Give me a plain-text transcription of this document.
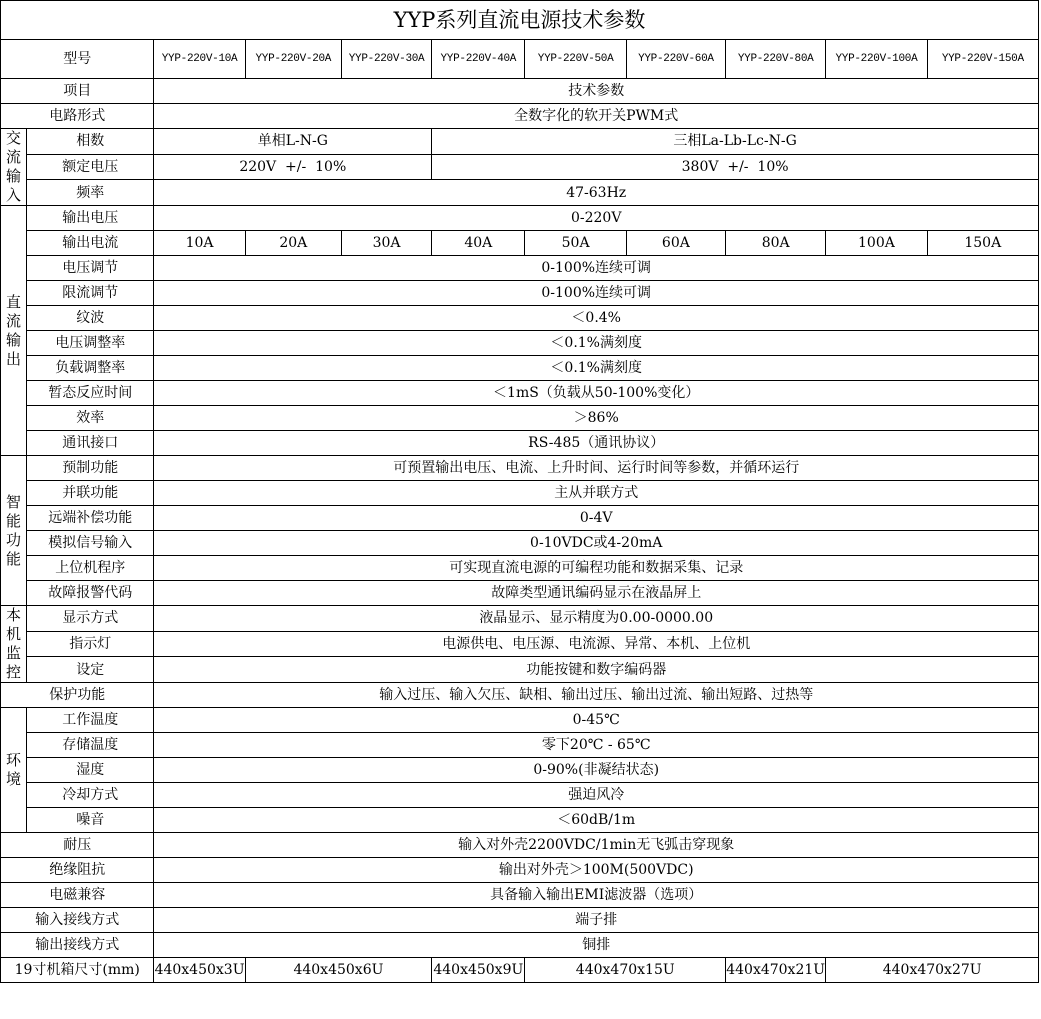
YYP系列直流电源技术参数										
型号		YYP-220V-10A	YYP-220V-20A	YYP-220V-30A	YYP-220V-40A	YYP-220V-50A	YYP-220V-60A	YYP-220V-80A	YYP-220V-100A	YYP-220V-150A
项目		技术参数								
电路形式		全数字化的软开关PWM式								

交流输入	相数	单相L-N-G			三相La-Lb-Lc-N-G					
	额定电压	220V  +/-  10%			380V  +/-  10%					
	频率	47-63Hz								

直流输出	输出电压	0-220V								
	输出电流	10A	20A	30A	40A	50A	60A	80A	100A	150A
	电压调节	0-100%连续可调								
	限流调节	0-100%连续可调								
	纹波	＜0.4%								
	电压调整率	＜0.1%满刻度								
	负载调整率	＜0.1%满刻度								
	暂态反应时间	＜1mS（负载从50-100%变化）								
	效率	＞86%								
	通讯接口	RS-485（通讯协议）								

智能功能	预制功能	可预置输出电压、电流、上升时间、运行时间等参数，并循环运行								
	并联功能	主从并联方式								
	远端补偿功能	0-4V								
	模拟信号输入	0-10VDC或4-20mA								
	上位机程序	可实现直流电源的可编程功能和数据采集、记录								
	故障报警代码	故障类型通讯编码显示在液晶屏上								

本机监控	显示方式	液晶显示、显示精度为0.00-0000.00								
	指示灯	电源供电、电压源、电流源、异常、本机、上位机								
	设定	功能按键和数字编码器								
保护功能		输入过压、输入欠压、缺相、输出过压、输出过流、输出短路、过热等								

环境	工作温度	0-45℃								
	存储温度	零下20℃ - 65℃								
	湿度	0-90%(非凝结状态)								
	冷却方式	强迫风冷								
	噪音	＜60dB/1m								
耐压		输入对外壳2200VDC/1min无飞弧击穿现象								
绝缘阻抗		输出对外壳＞100M(500VDC)								
电磁兼容		具备输入输出EMI滤波器（选项）								
输入接线方式		端子排								
输出接线方式		铜排								
19寸机箱尺寸(mm)		440x450x3U	440x450x6U		440x450x9U	440x470x15U		440x470x21U	440x470x27U	
